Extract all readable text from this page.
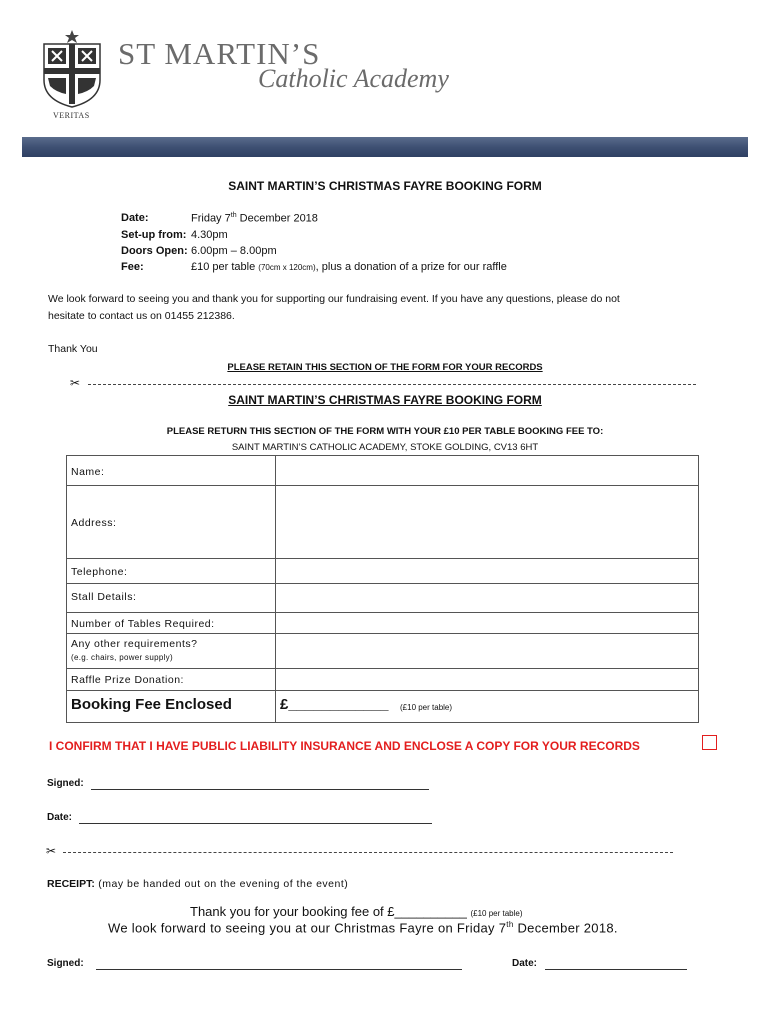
ST MARTIN’S
Catholic Academy
VERITAS
SAINT MARTIN’S CHRISTMAS FAYRE BOOKING FORM
Date:	Friday 7th December 2018
Set-up from: 4.30pm
Doors Open: 6.00pm – 8.00pm
Fee:	£10 per table (70cm x 120cm), plus a donation of a prize for our raffle
We look forward to seeing you and thank you for supporting our fundraising event. If you have any questions, please do not
hesitate to contact us on 01455 212386.
Thank You
PLEASE RETAIN THIS SECTION OF THE FORM FOR YOUR RECORDS
✂
SAINT MARTIN’S CHRISTMAS FAYRE BOOKING FORM
PLEASE RETURN THIS SECTION OF THE FORM WITH YOUR £10 PER TABLE BOOKING FEE TO:
SAINT MARTIN’S CATHOLIC ACADEMY, STOKE GOLDING, CV13 6HT
Name:
Address:
Telephone:
Stall Details:
Number of Tables Required:
Any other requirements?
(e.g. chairs, power supply)
Raffle Prize Donation:
Booking Fee Enclosed	£____________ (£10 per table)
I CONFIRM THAT I HAVE PUBLIC LIABILITY INSURANCE AND ENCLOSE A COPY FOR YOUR RECORDS
Signed:
Date:
✂
RECEIPT: (may be handed out on the evening of the event)
Thank you for your booking fee of £__________ (£10 per table)
We look forward to seeing you at our Christmas Fayre on Friday 7th December 2018.
Signed:	Date:
